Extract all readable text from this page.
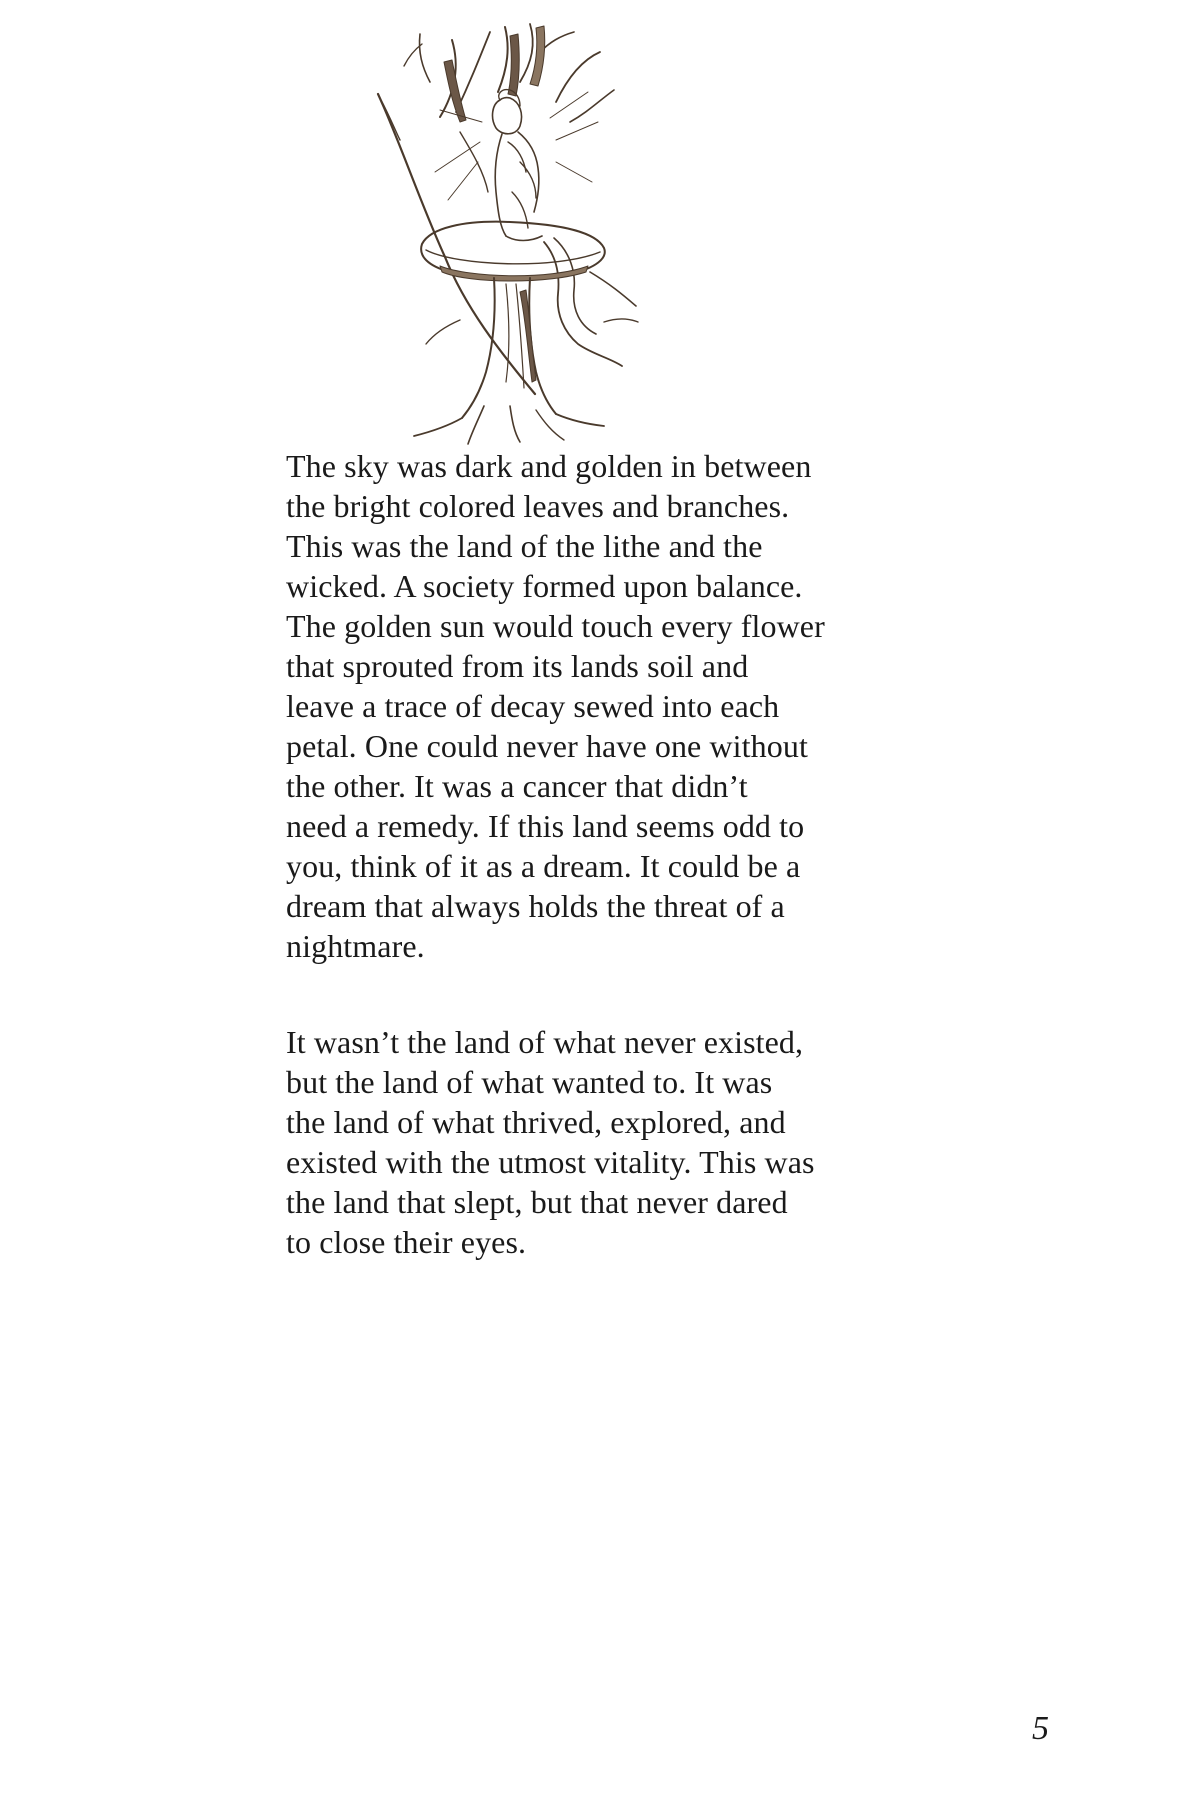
The sky was dark and golden in between
the bright colored leaves and branches.
This was the land of the lithe and the
wicked. A society formed upon balance.
The golden sun would touch every flower
that sprouted from its lands soil and
leave a trace of decay sewed into each
petal. One could never have one without
the other. It was a cancer that didn’t
need a remedy. If this land seems odd to
you, think of it as a dream. It could be a
dream that always holds the threat of a
nightmare.

It wasn’t the land of what never existed,
but the land of what wanted to. It was
the land of what thrived, explored, and
existed with the utmost vitality. This was
the land that slept, but that never dared
to close their eyes.

5
